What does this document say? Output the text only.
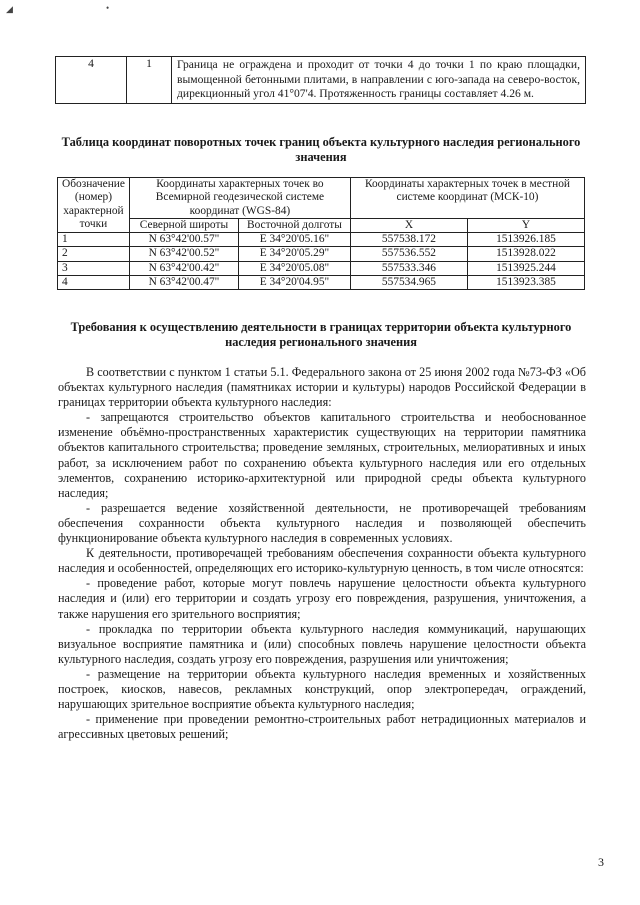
◢	•
4	1	Граница не ограждена и проходит от точки 4 до точки 1 по краю площадки, вымощенной бетонными плитами, в направлении с юго-запада на северо-восток, дирекционный угол 41°07'4. Протяженность границы составляет 4.26 м.
Таблица координат поворотных точек границ объекта культурного наследия регионального значения
Обозначение (номер) характерной точки	Координаты характерных точек во Всемирной геодезической системе координат (WGS-84)		Координаты характерных точек в местной системе координат (МСК-10)	
	Северной широты	Восточной долготы	X	Y
1	N 63°42'00.57"	E 34°20'05.16"	557538.172	1513926.185
2	N 63°42'00.52"	E 34°20'05.29"	557536.552	1513928.022
3	N 63°42'00.42"	E 34°20'05.08"	557533.346	1513925.244
4	N 63°42'00.47"	E 34°20'04.95"	557534.965	1513923.385
Требования к осуществлению деятельности в границах территории объекта культурного наследия регионального значения

В соответствии с пунктом 1 статьи 5.1. Федерального закона от 25 июня 2002 года №73-ФЗ «Об объектах культурного наследия (памятниках истории и культуры) народов Российской Федерации в границах территории объекта культурного наследия:

- запрещаются строительство объектов капитального строительства и необоснованное изменение объёмно-пространственных характеристик существующих на территории памятника объектов капитального строительства; проведение земляных, строительных, мелиоративных и иных работ, за исключением работ по сохранению объекта культурного наследия или его отдельных элементов, сохранению историко-архитектурной или природной среды объекта культурного наследия;

- разрешается ведение хозяйственной деятельности, не противоречащей требованиям обеспечения сохранности объекта культурного наследия и позволяющей обеспечить функционирование объекта культурного наследия в современных условиях.

К деятельности, противоречащей требованиям обеспечения сохранности объекта культурного наследия и особенностей, определяющих его историко-культурную ценность, в том числе относятся:

- проведение работ, которые могут повлечь нарушение целостности объекта культурного наследия и (или) его территории и создать угрозу его повреждения, разрушения, уничтожения, а также нарушения его зрительного восприятия;

- прокладка по территории объекта культурного наследия коммуникаций, нарушающих визуальное восприятие памятника и (или) способных повлечь нарушение целостности объекта культурного наследия, создать угрозу его повреждения, разрушения или уничтожения;

- размещение на территории объекта культурного наследия временных и хозяйственных построек, киосков, навесов, рекламных конструкций, опор электропередач, ограждений, нарушающих зрительное восприятие объекта культурного наследия;

- применение при проведении ремонтно-строительных работ нетрадиционных материалов и агрессивных цветовых решений;

3
